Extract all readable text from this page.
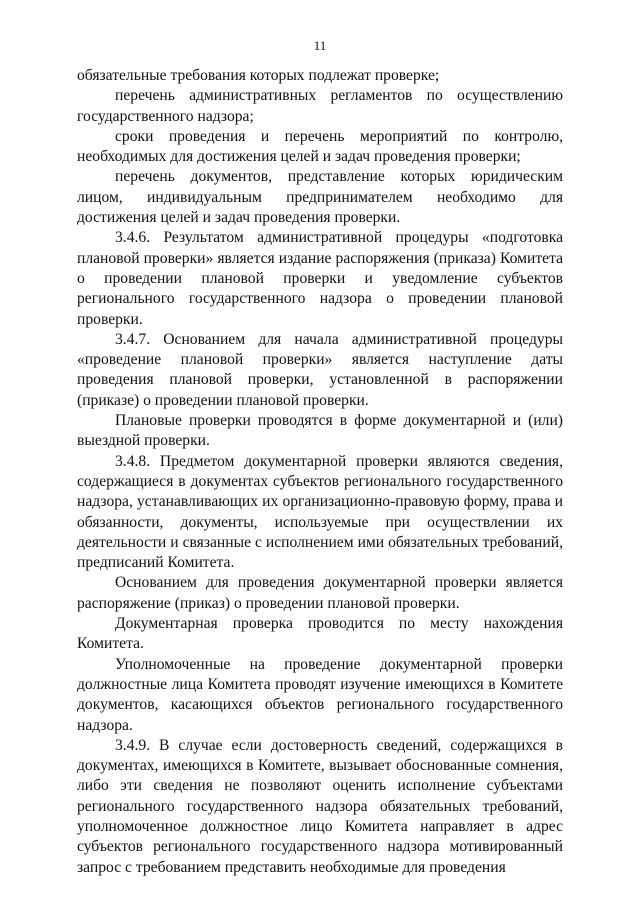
11

обязательные требования которых подлежат проверке;

перечень административных регламентов по осуществлению государственного надзора;

сроки проведения и перечень мероприятий по контролю, необходимых для достижения целей и задач проведения проверки;

перечень документов, представление которых юридическим лицом, индивидуальным предпринимателем необходимо для достижения целей и задач проведения проверки.

3.4.6. Результатом административной процедуры «подготовка плановой проверки» является издание распоряжения (приказа) Комитета о проведении плановой проверки и уведомление субъектов регионального государственного надзора о проведении плановой проверки.

3.4.7. Основанием для начала административной процедуры «проведение плановой проверки» является наступление даты проведения плановой проверки, установленной в распоряжении (приказе) о проведении плановой проверки.

Плановые проверки проводятся в форме документарной и (или) выездной проверки.

3.4.8. Предметом документарной проверки являются сведения, содержащиеся в документах субъектов регионального государственного надзора, устанавливающих их организационно-правовую форму, права и обязанности, документы, используемые при осуществлении их деятельности и связанные с исполнением ими обязательных требований, предписаний Комитета.

Основанием для проведения документарной проверки является распоряжение (приказ) о проведении плановой проверки.

Документарная проверка проводится по месту нахождения Комитета.

Уполномоченные на проведение документарной проверки должностные лица Комитета проводят изучение имеющихся в Комитете документов, касающихся объектов регионального государственного надзора.

3.4.9. В случае если достоверность сведений, содержащихся в документах, имеющихся в Комитете, вызывает обоснованные сомнения, либо эти сведения не позволяют оценить исполнение субъектами регионального государственного надзора обязательных требований, уполномоченное должностное лицо Комитета направляет в адрес субъектов регионального государственного надзора мотивированный запрос с требованием представить необходимые для проведения
